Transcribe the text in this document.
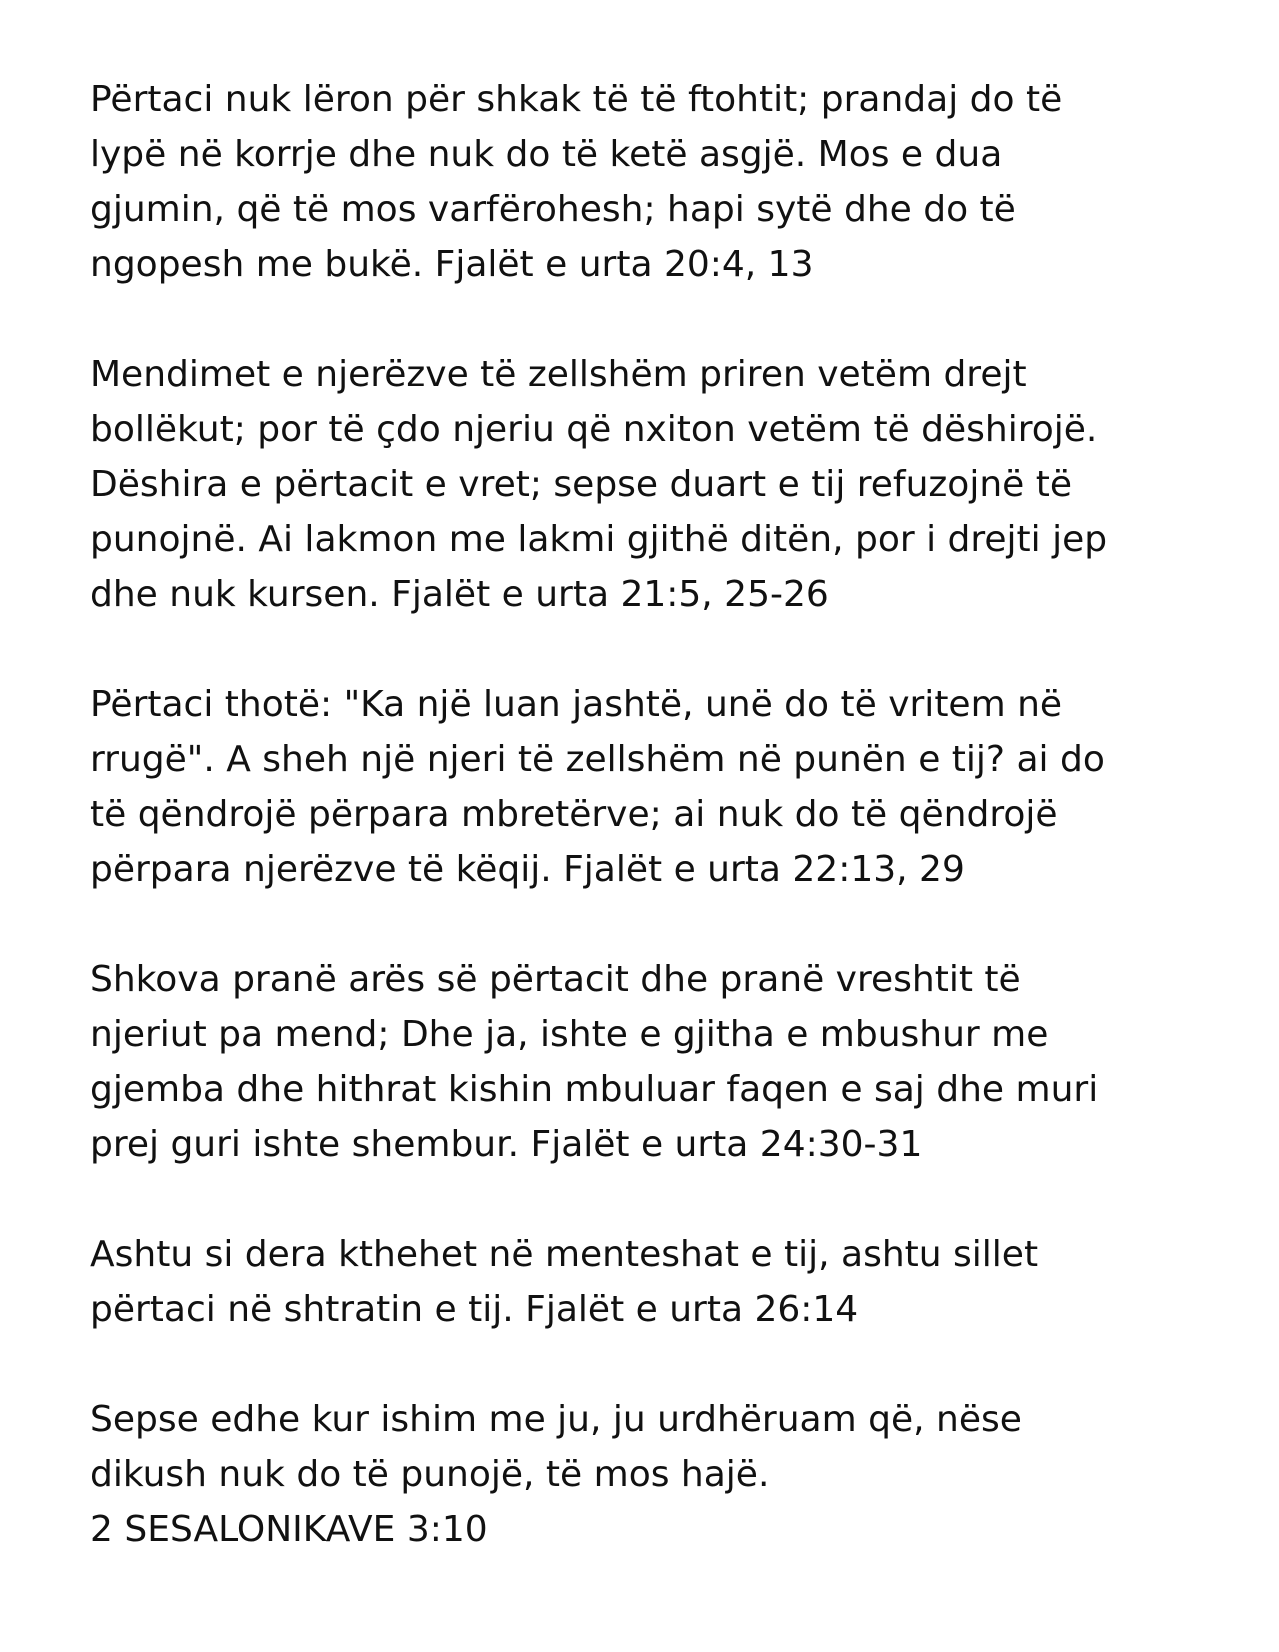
Përtaci nuk lëron për shkak të të ftohtit; prandaj do të
lypë në korrje dhe nuk do të ketë asgjë. Mos e dua
gjumin, që të mos varfërohesh; hapi sytë dhe do të
ngopesh me bukë. Fjalët e urta 20:4, 13

Mendimet e njerëzve të zellshëm priren vetëm drejt
bollëkut; por të çdo njeriu që nxiton vetëm të dëshirojë.
Dëshira e përtacit e vret; sepse duart e tij refuzojnë të
punojnë. Ai lakmon me lakmi gjithë ditën, por i drejti jep
dhe nuk kursen. Fjalët e urta 21:5, 25-26

Përtaci thotë: "Ka një luan jashtë, unë do të vritem në
rrugë". A sheh një njeri të zellshëm në punën e tij? ai do
të qëndrojë përpara mbretërve; ai nuk do të qëndrojë
përpara njerëzve të këqij. Fjalët e urta 22:13, 29

Shkova pranë arës së përtacit dhe pranë vreshtit të
njeriut pa mend; Dhe ja, ishte e gjitha e mbushur me
gjemba dhe hithrat kishin mbuluar faqen e saj dhe muri
prej guri ishte shembur. Fjalët e urta 24:30-31

Ashtu si dera kthehet në menteshat e tij, ashtu sillet
përtaci në shtratin e tij. Fjalët e urta 26:14

Sepse edhe kur ishim me ju, ju urdhëruam që, nëse
dikush nuk do të punojë, të mos hajë.
2 SESALONIKAVE 3:10
